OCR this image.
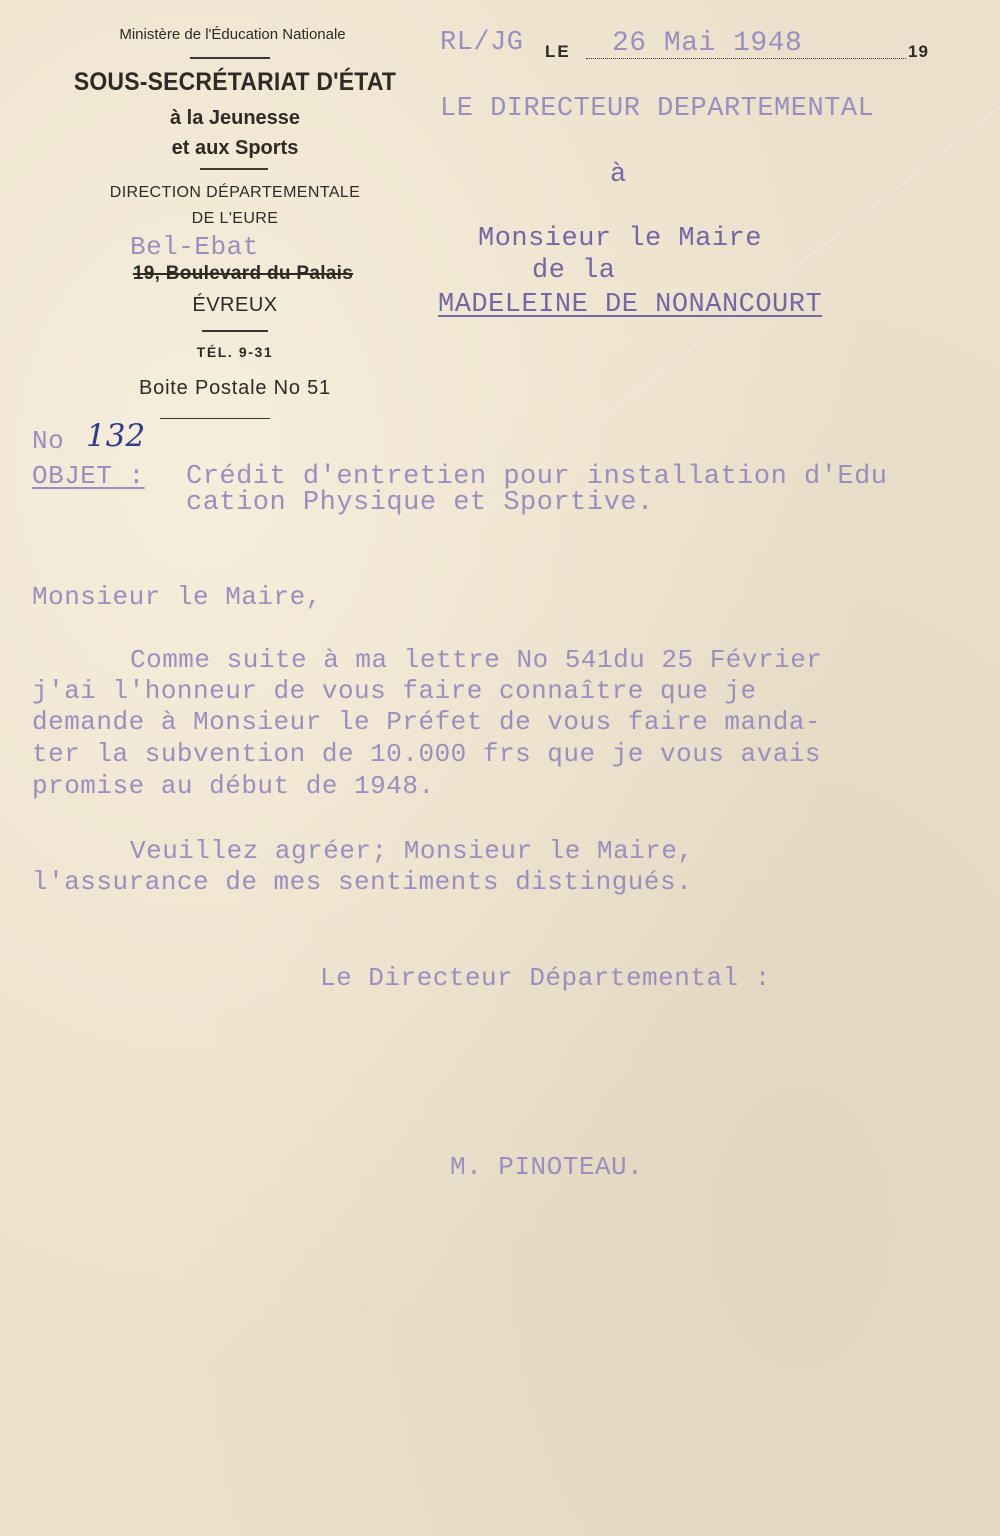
Ministère de l'Éducation Nationale
SOUS-SECRÉTARIAT D'ÉTAT
à la Jeunesse
et aux Sports
DIRECTION DÉPARTEMENTALE
DE L'EURE
Bel-Ebat
19, Boulevard du Palais
ÉVREUX
TÉL. 9-31
Boite Postale No 51
RL/JG LE 26 Mai 1948	19
LE DIRECTEUR DEPARTEMENTAL
à
Monsieur le Maire
de la
MADELEINE DE NONANCOURT
No 132
OBJET : Crédit d'entretien pour installation d'Edu
cation Physique et Sportive.
Monsieur le Maire,
Comme suite à ma lettre No 541du 25 Février
j'ai l'honneur de vous faire connaître que je
demande à Monsieur le Préfet de vous faire manda-
ter la subvention de 10.000 frs que je vous avais
promise au début de 1948.
Veuillez agréer; Monsieur le Maire,
l'assurance de mes sentiments distingués.
Le Directeur Départemental :
M. PINOTEAU.
